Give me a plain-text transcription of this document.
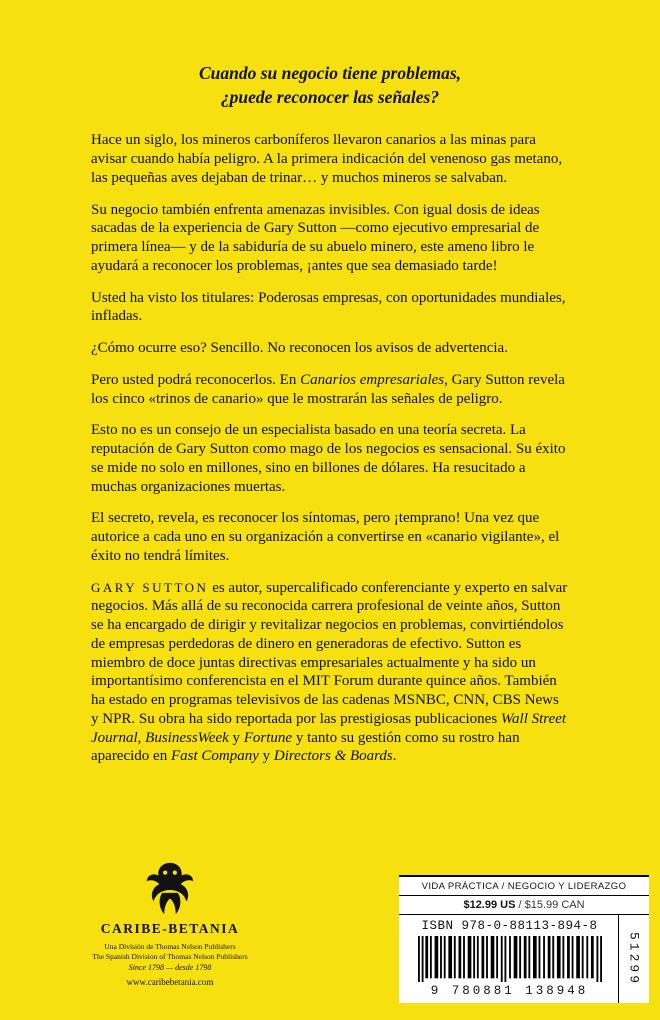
Cuando su negocio tiene problemas,
¿puede reconocer las señales?

Hace un siglo, los mineros carboníferos llevaron canarios a las minas para avisar cuando había peligro. A la primera indicación del venenoso gas metano, las pequeñas aves dejaban de trinar… y muchos mineros se salvaban.

Su negocio también enfrenta amenazas invisibles. Con igual dosis de ideas sacadas de la experiencia de Gary Sutton —como ejecutivo empresarial de primera línea— y de la sabiduría de su abuelo minero, este ameno libro le ayudará a reconocer los problemas, ¡antes que sea demasiado tarde!

Usted ha visto los titulares: Poderosas empresas, con oportunidades mundiales, infladas.

¿Cómo ocurre eso? Sencillo. No reconocen los avisos de advertencia.

Pero usted podrá reconocerlos. En Canarios empresariales, Gary Sutton revela los cinco «trinos de canario» que le mostrarán las señales de peligro.

Esto no es un consejo de un especialista basado en una teoría secreta. La reputación de Gary Sutton como mago de los negocios es sensacional. Su éxito se mide no solo en millones, sino en billones de dólares. Ha resucitado a muchas organizaciones muertas.

El secreto, revela, es reconocer los síntomas, pero ¡temprano! Una vez que autorice a cada uno en su organización a convertirse en «canario vigilante», el éxito no tendrá límites.

GARY SUTTON es autor, supercalificado conferenciante y experto en salvar negocios. Más allá de su reconocida carrera profesional de veinte años, Sutton se ha encargado de dirigir y revitalizar negocios en problemas, convirtiéndolos de empresas perdedoras de dinero en generadoras de efectivo. Sutton es miembro de doce juntas directivas empresariales actualmente y ha sido un importantísimo conferencista en el MIT Forum durante quince años. También ha estado en programas televisivos de las cadenas MSNBC, CNN, CBS News y NPR. Su obra ha sido reportada por las prestigiosas publicaciones Wall Street Journal, BusinessWeek y Fortune y tanto su gestión como su rostro han aparecido en Fast Company y Directors & Boards.

CARIBE-BETANIA
Una División de Thomas Nelson Publishers
The Spanish Division of Thomas Nelson Publishers
Since 1798 — desde 1798
www.caribebetania.com
VIDA PRÁCTICA / NEGOCIO Y LIDERAZGO
$12.99 US / $15.99 CAN
ISBN 978-0-88113-894-8
9 780881 138948
51299
